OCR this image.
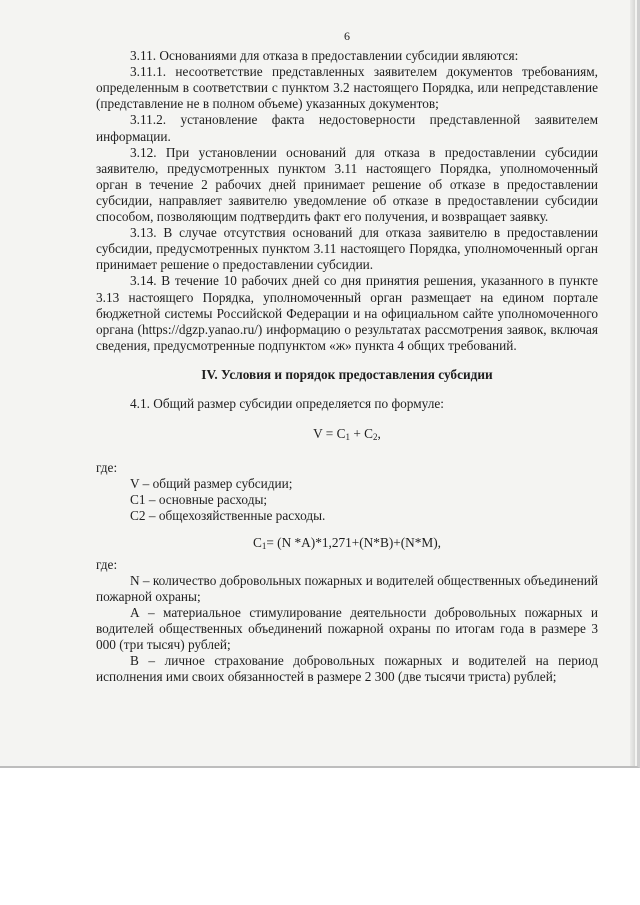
6

3.11. Основаниями для отказа в предоставлении субсидии являются:

3.11.1. несоответствие представленных заявителем документов требованиям, определенным в соответствии с пунктом 3.2 настоящего Порядка, или непредставление (представление не в полном объеме) указанных документов;

3.11.2. установление факта недостоверности представленной заявителем информации.

3.12. При установлении оснований для отказа в предоставлении субсидии заявителю, предусмотренных пунктом 3.11 настоящего Порядка, уполномоченный орган в течение 2 рабочих дней принимает решение об отказе в предоставлении субсидии, направляет заявителю уведомление об отказе в предоставлении субсидии способом, позволяющим подтвердить факт его получения, и возвращает заявку.

3.13. В случае отсутствия оснований для отказа заявителю в предоставлении субсидии, предусмотренных пунктом 3.11 настоящего Порядка, уполномоченный орган принимает решение о предоставлении субсидии.

3.14. В течение 10 рабочих дней со дня принятия решения, указанного в пункте 3.13 настоящего Порядка, уполномоченный орган размещает на едином портале бюджетной системы Российской Федерации и на официальном сайте уполномоченного органа (https://dgzp.yanao.ru/) информацию о результатах рассмотрения заявок, включая сведения, предусмотренные подпунктом «ж» пункта 4 общих требований.

IV. Условия и порядок предоставления субсидии

4.1. Общий размер субсидии определяется по формуле:

$V = C_1 + C_2$,

где:

V – общий размер субсидии;

C1 – основные расходы;

C2 – общехозяйственные расходы.

$C_1= (N$ *A)*1,271+(N*B)+(N*M),

где:

N – количество добровольных пожарных и водителей общественных объединений пожарной охраны;

А – материальное стимулирование деятельности добровольных пожарных и водителей общественных объединений пожарной охраны по итогам года в размере 3 000 (три тысяч) рублей;

В – личное страхование добровольных пожарных и водителей на период исполнения ими своих обязанностей в размере 2 300 (две тысячи триста) рублей;
